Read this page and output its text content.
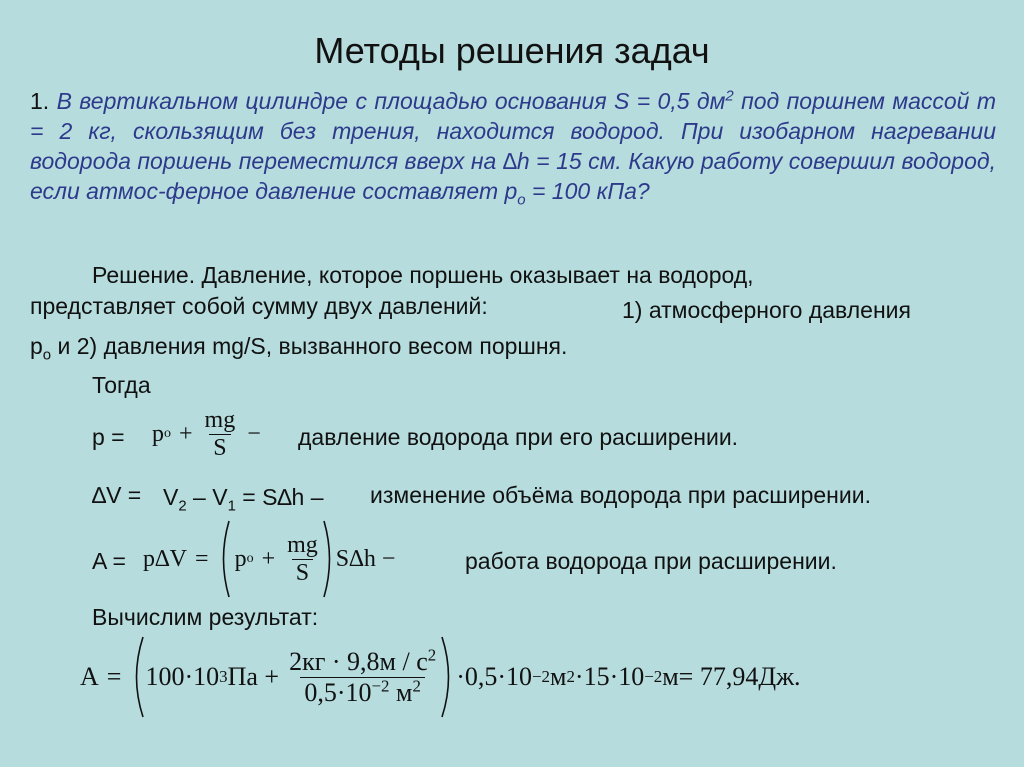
Методы решения задач
1. В вертикальном цилиндре с площадью основания S = 0,5 $дм^2$ под поршнем массой m = 2 кг, скользящим без трения, находится водород. При изобарном нагревании водорода поршень переместился вверх на ∆h = 15 см. Какую работу совершил водород, если атмос-ферное давление составляет $p_o = 100$ кПа?
Решение. Давление, которое поршень оказывает на водород,
представляет собой сумму двух давлений:	1) атмосферного давления
$p_o$ и 2) давления mg/S, вызванного весом поршня.
Тогда
p = p $o + \frac{mg}{S}$ − давление водорода при его расширении.
$\Delta V = V_2 - V_1 = S\Delta h$ – изменение объёма водорода при расширении.
A = p∆V = p $o + \frac{mg}{S} S\Delta h$ −	работа водорода при расширении.
Вычислим результат:
A = 100·10 3 Па + $\frac{2кг \cdot 9,8м / с^2}{0,5\cdot 10^{-2} м^2} \cdot 0,5\cdot 10 -2$ м 2 ·15·10 −2 м = 77,94Дж.
